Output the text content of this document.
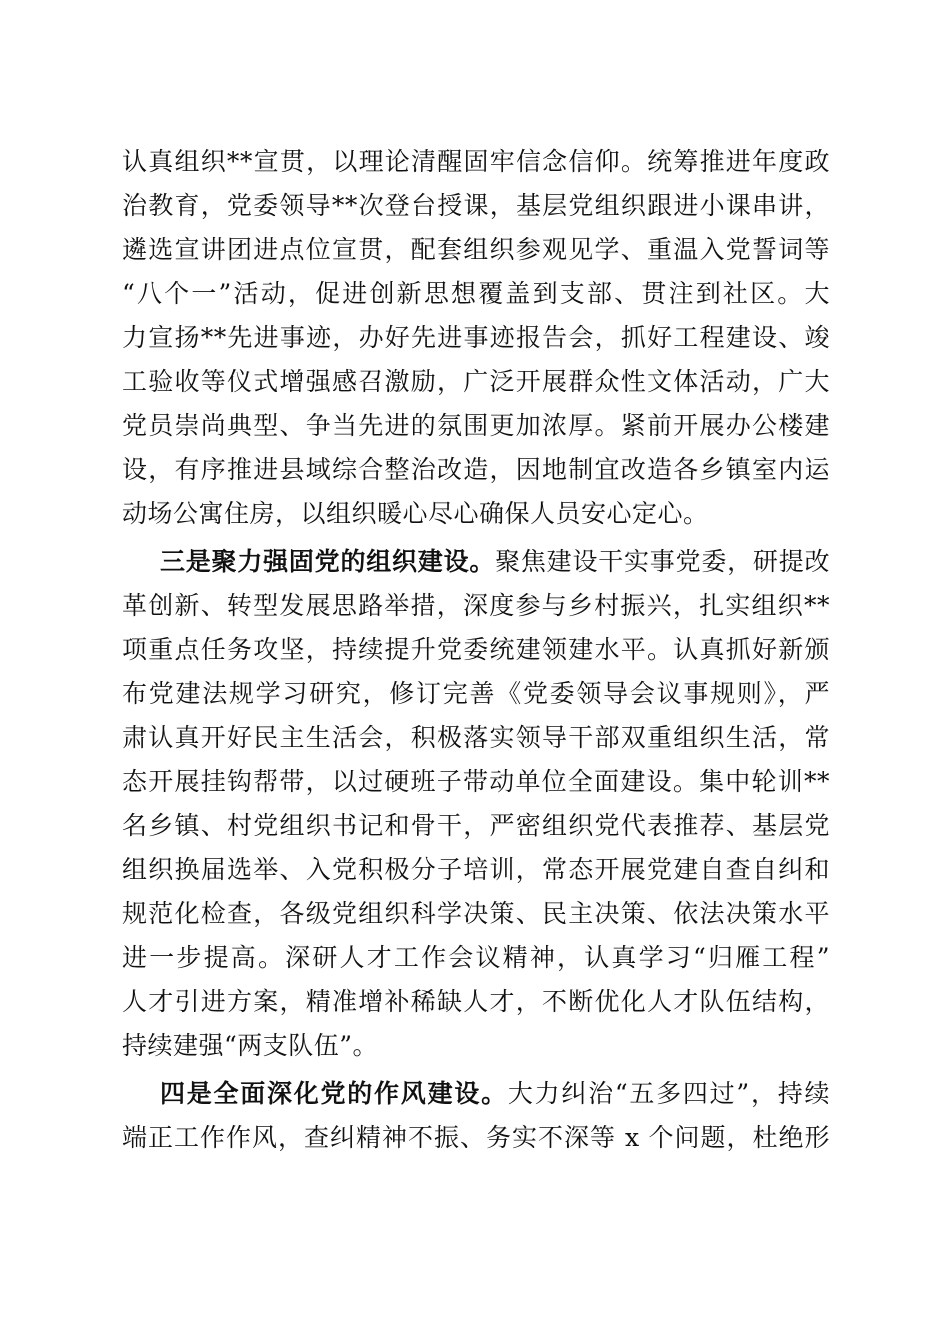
认真组织**宣贯，以理论清醒固牢信念信仰。统筹推进年度政
治教育，党委领导**次登台授课，基层党组织跟进小课串讲，
遴选宣讲团进点位宣贯，配套组织参观见学、重温入党誓词等
“八个一”活动，促进创新思想覆盖到支部、贯注到社区。大
力宣扬**先进事迹，办好先进事迹报告会，抓好工程建设、竣
工验收等仪式增强感召激励，广泛开展群众性文体活动，广大
党员崇尚典型、争当先进的氛围更加浓厚。紧前开展办公楼建
设，有序推进县域综合整治改造，因地制宜改造各乡镇室内运
动场公寓住房，以组织暖心尽心确保人员安心定心。
三是聚力强固党的组织建设。聚焦建设干实事党委，研提改
革创新、转型发展思路举措，深度参与乡村振兴，扎实组织**
项重点任务攻坚，持续提升党委统建领建水平。认真抓好新颁
布党建法规学习研究，修订完善《党委领导会议事规则》，严
肃认真开好民主生活会，积极落实领导干部双重组织生活，常
态开展挂钩帮带，以过硬班子带动单位全面建设。集中轮训**
名乡镇、村党组织书记和骨干，严密组织党代表推荐、基层党
组织换届选举、入党积极分子培训，常态开展党建自查自纠和
规范化检查，各级党组织科学决策、民主决策、依法决策水平
进一步提高。深研人才工作会议精神，认真学习“归雁工程”
人才引进方案，精准增补稀缺人才，不断优化人才队伍结构，
持续建强“两支队伍”。
四是全面深化党的作风建设。大力纠治“五多四过”，持续
端正工作作风，查纠精神不振、务实不深等 x 个问题，杜绝形
